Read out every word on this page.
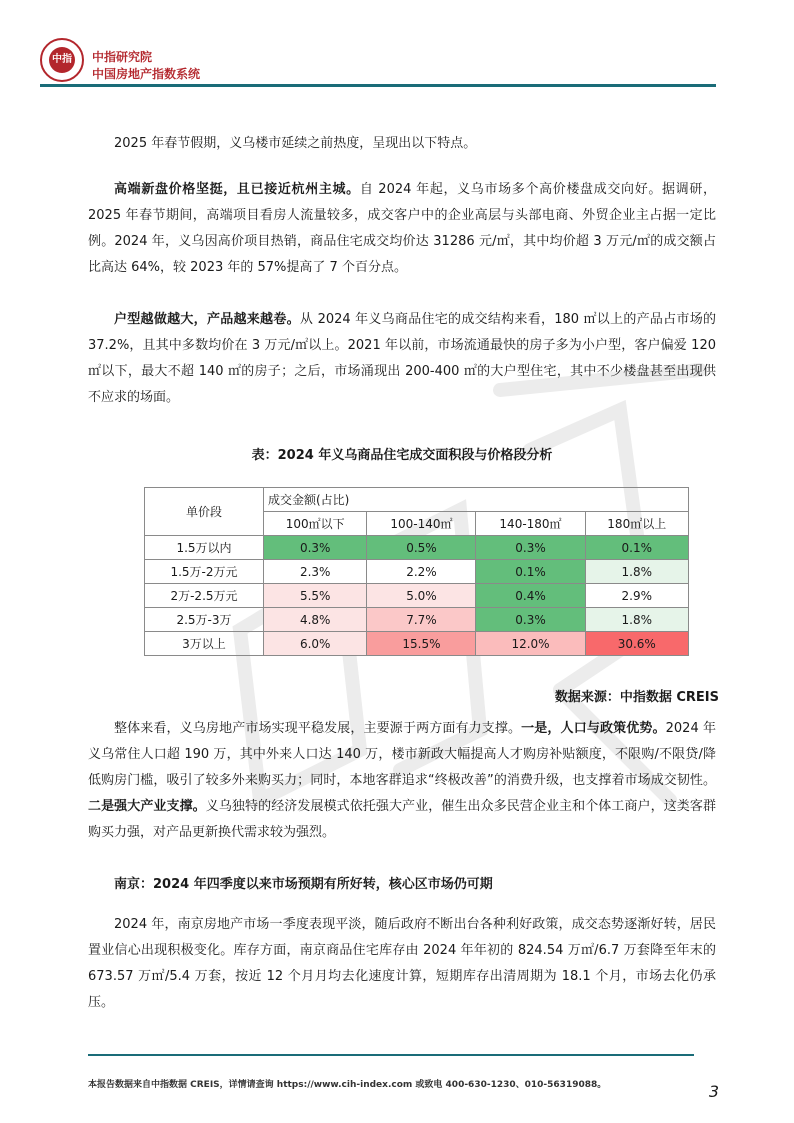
中指 中指研究院
中国房地产指数系统

2025 年春节假期，义乌楼市延续之前热度，呈现出以下特点。

高端新盘价格坚挺，且已接近杭州主城。自 2024 年起，义乌市场多个高价楼盘成交向好。据调研，2025 年春节期间，高端项目看房人流量较多，成交客户中的企业高层与头部电商、外贸企业主占据一定比例。2024 年，义乌因高价项目热销，商品住宅成交均价达 31286 元/㎡，其中均价超 3 万元/㎡的成交额占比高达 64%，较 2023 年的 57%提高了 7 个百分点。

户型越做越大，产品越来越卷。从 2024 年义乌商品住宅的成交结构来看，180 ㎡以上的产品占市场的 37.2%，且其中多数均价在 3 万元/㎡以上。2021 年以前，市场流通最快的房子多为小户型，客户偏爱 120 ㎡以下，最大不超 140 ㎡的房子；之后，市场涌现出 200-400 ㎡的大户型住宅，其中不少楼盘甚至出现供不应求的场面。

表：2024 年义乌商品住宅成交面积段与价格段分析
单价段	成交金额(占比)			
	100㎡以下	100-140㎡	140-180㎡	180㎡以上
1.5万以内	0.3%	0.5%	0.3%	0.1%
1.5万-2万元	2.3%	2.2%	0.1%	1.8%
2万-2.5万元	5.5%	5.0%	0.4%	2.9%
2.5万-3万	4.8%	7.7%	0.3%	1.8%
3万以上	6.0%	15.5%	12.0%	30.6%
数据来源：中指数据 CREIS

整体来看，义乌房地产市场实现平稳发展，主要源于两方面有力支撑。一是，人口与政策优势。2024 年义乌常住人口超 190 万，其中外来人口达 140 万，楼市新政大幅提高人才购房补贴额度，不限购/不限贷/降低购房门槛，吸引了较多外来购买力；同时，本地客群追求“终极改善”的消费升级，也支撑着市场成交韧性。二是强大产业支撑。义乌独特的经济发展模式依托强大产业，催生出众多民营企业主和个体工商户，这类客群购买力强，对产品更新换代需求较为强烈。

南京：2024 年四季度以来市场预期有所好转，核心区市场仍可期

2024 年，南京房地产市场一季度表现平淡，随后政府不断出台各种利好政策，成交态势逐渐好转，居民置业信心出现积极变化。库存方面，南京商品住宅库存由 2024 年年初的 824.54 万㎡/6.7 万套降至年末的 673.57 万㎡/5.4 万套，按近 12 个月月均去化速度计算，短期库存出清周期为 18.1 个月，市场去化仍承压。

本报告数据来自中指数据 CREIS，详情请查询 https://www.cih-index.com 或致电 400-630-1230、010-56319088。	3
